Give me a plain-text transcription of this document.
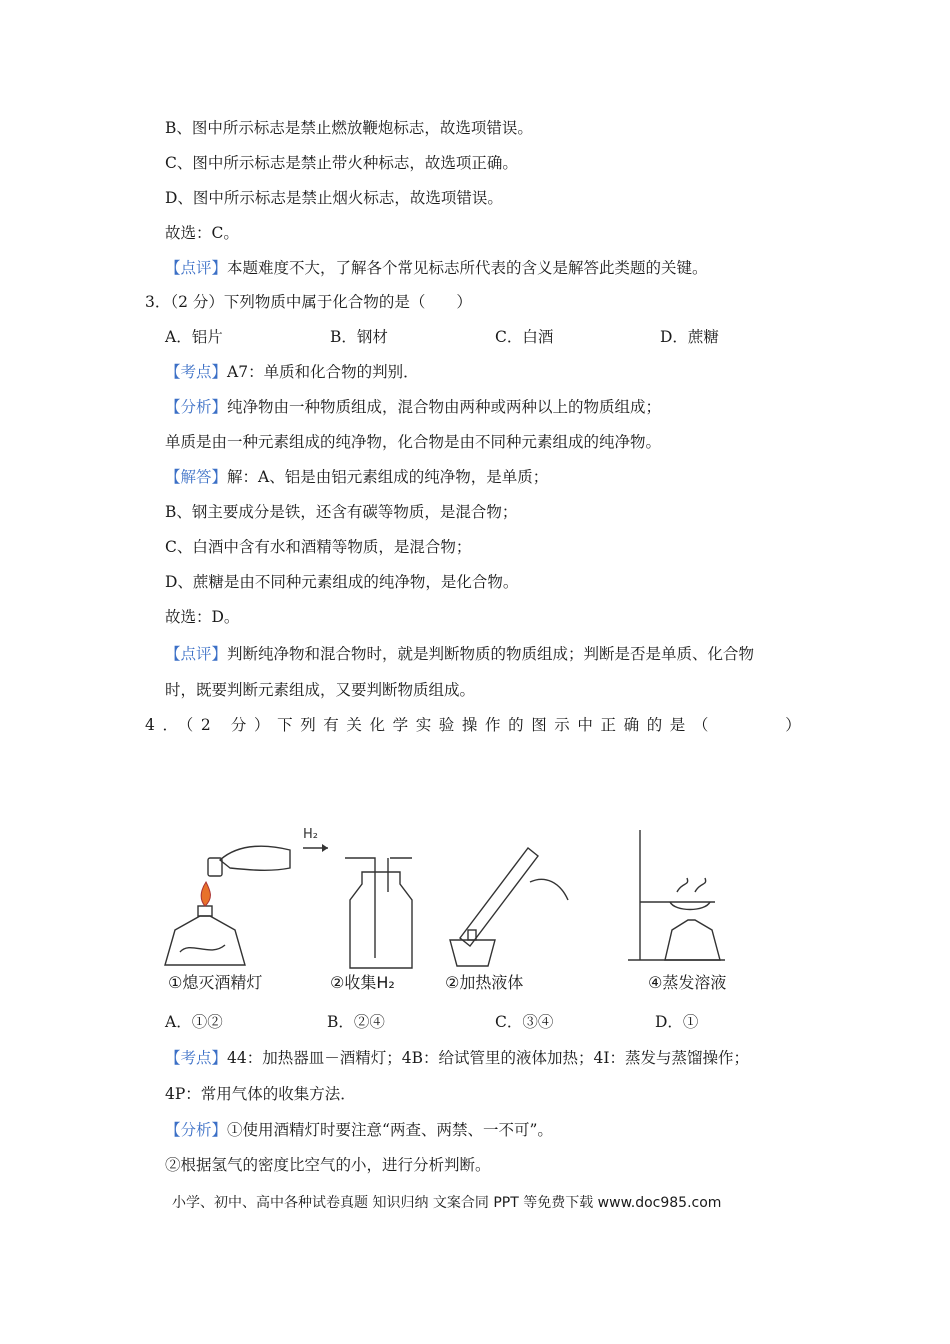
B、图中所示标志是禁止燃放鞭炮标志，故选项错误。
C、图中所示标志是禁止带火种标志，故选项正确。
D、图中所示标志是禁止烟火标志，故选项错误。
故选：C。
【点评】本题难度不大，了解各个常见标志所代表的含义是解答此类题的关键。
3．（2 分）下列物质中属于化合物的是（　　）
A．铝片	B．钢材	C．白酒	D．蔗糖
【考点】A7：单质和化合物的判别．
【分析】纯净物由一种物质组成，混合物由两种或两种以上的物质组成；
单质是由一种元素组成的纯净物，化合物是由不同种元素组成的纯净物。
【解答】解：A、铝是由铝元素组成的纯净物，是单质；
B、钢主要成分是铁，还含有碳等物质，是混合物；
C、白酒中含有水和酒精等物质，是混合物；
D、蔗糖是由不同种元素组成的纯净物，是化合物。
故选：D。
【点评】判断纯净物和混合物时，就是判断物质的物质组成；判断是否是单质、化合物
时，既要判断元素组成，又要判断物质组成。
4．（2 分）下列有关化学实验操作的图示中正确的是（　　　）
H₂
①熄灭酒精灯	②收集H₂	②加热液体	④蒸发溶液
A．①②	B．②④	C．③④	D．①
【考点】44：加热器皿－酒精灯；4B：给试管里的液体加热；4I：蒸发与蒸馏操作；
4P：常用气体的收集方法．
【分析】①使用酒精灯时要注意“两查、两禁、一不可”。
②根据氢气的密度比空气的小，进行分析判断。
小学、初中、高中各种试卷真题 知识归纳 文案合同 PPT 等免费下载 www.doc985.com
